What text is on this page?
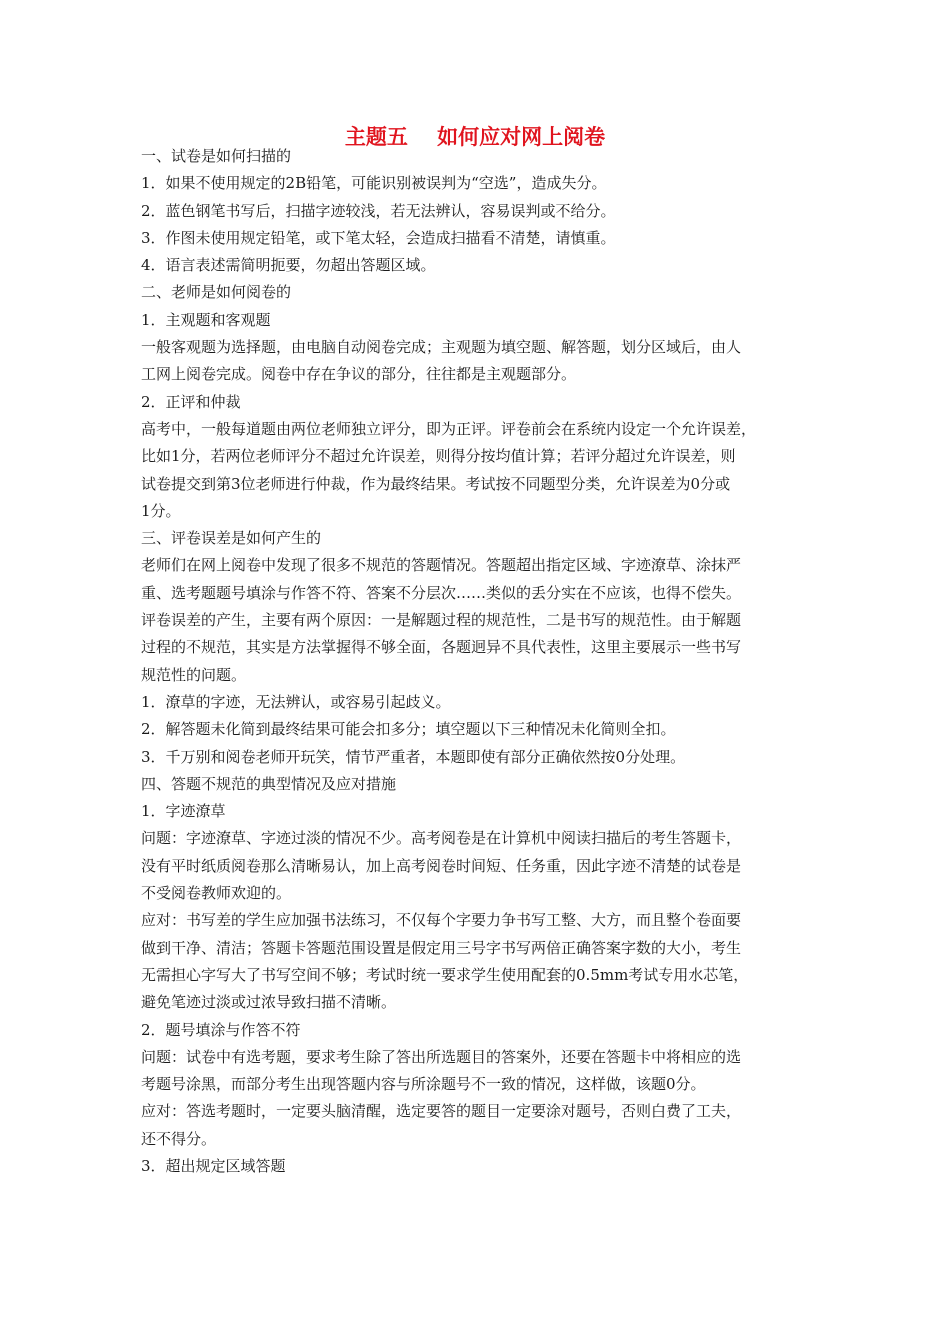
主题五    如何应对网上阅卷
一、试卷是如何扫描的
1．如果不使用规定的2B铅笔，可能识别被误判为“空选”，造成失分。
2．蓝色钢笔书写后，扫描字迹较浅，若无法辨认，容易误判或不给分。
3．作图未使用规定铅笔，或下笔太轻，会造成扫描看不清楚，请慎重。
4．语言表述需简明扼要，勿超出答题区域。
二、老师是如何阅卷的
1．主观题和客观题
一般客观题为选择题，由电脑自动阅卷完成；主观题为填空题、解答题，划分区域后，由人
工网上阅卷完成。阅卷中存在争议的部分，往往都是主观题部分。
2．正评和仲裁
高考中，一般每道题由两位老师独立评分，即为正评。评卷前会在系统内设定一个允许误差，
比如1分，若两位老师评分不超过允许误差，则得分按均值计算；若评分超过允许误差，则
试卷提交到第3位老师进行仲裁，作为最终结果。考试按不同题型分类，允许误差为0分或
1分。
三、评卷误差是如何产生的
老师们在网上阅卷中发现了很多不规范的答题情况。答题超出指定区域、字迹潦草、涂抹严
重、选考题题号填涂与作答不符、答案不分层次……类似的丢分实在不应该，也得不偿失。
评卷误差的产生，主要有两个原因：一是解题过程的规范性，二是书写的规范性。由于解题
过程的不规范，其实是方法掌握得不够全面，各题迥异不具代表性，这里主要展示一些书写
规范性的问题。
1．潦草的字迹，无法辨认，或容易引起歧义。
2．解答题未化简到最终结果可能会扣多分；填空题以下三种情况未化简则全扣。
3．千万别和阅卷老师开玩笑，情节严重者，本题即使有部分正确依然按0分处理。
四、答题不规范的典型情况及应对措施
1．字迹潦草
问题：字迹潦草、字迹过淡的情况不少。高考阅卷是在计算机中阅读扫描后的考生答题卡，
没有平时纸质阅卷那么清晰易认，加上高考阅卷时间短、任务重，因此字迹不清楚的试卷是
不受阅卷教师欢迎的。
应对：书写差的学生应加强书法练习，不仅每个字要力争书写工整、大方，而且整个卷面要
做到干净、清洁；答题卡答题范围设置是假定用三号字书写两倍正确答案字数的大小，考生
无需担心字写大了书写空间不够；考试时统一要求学生使用配套的0.5mm考试专用水芯笔，
避免笔迹过淡或过浓导致扫描不清晰。
2．题号填涂与作答不符
问题：试卷中有选考题，要求考生除了答出所选题目的答案外，还要在答题卡中将相应的选
考题号涂黑，而部分考生出现答题内容与所涂题号不一致的情况，这样做，该题0分。
应对：答选考题时，一定要头脑清醒，选定要答的题目一定要涂对题号，否则白费了工夫，
还不得分。
3．超出规定区域答题
